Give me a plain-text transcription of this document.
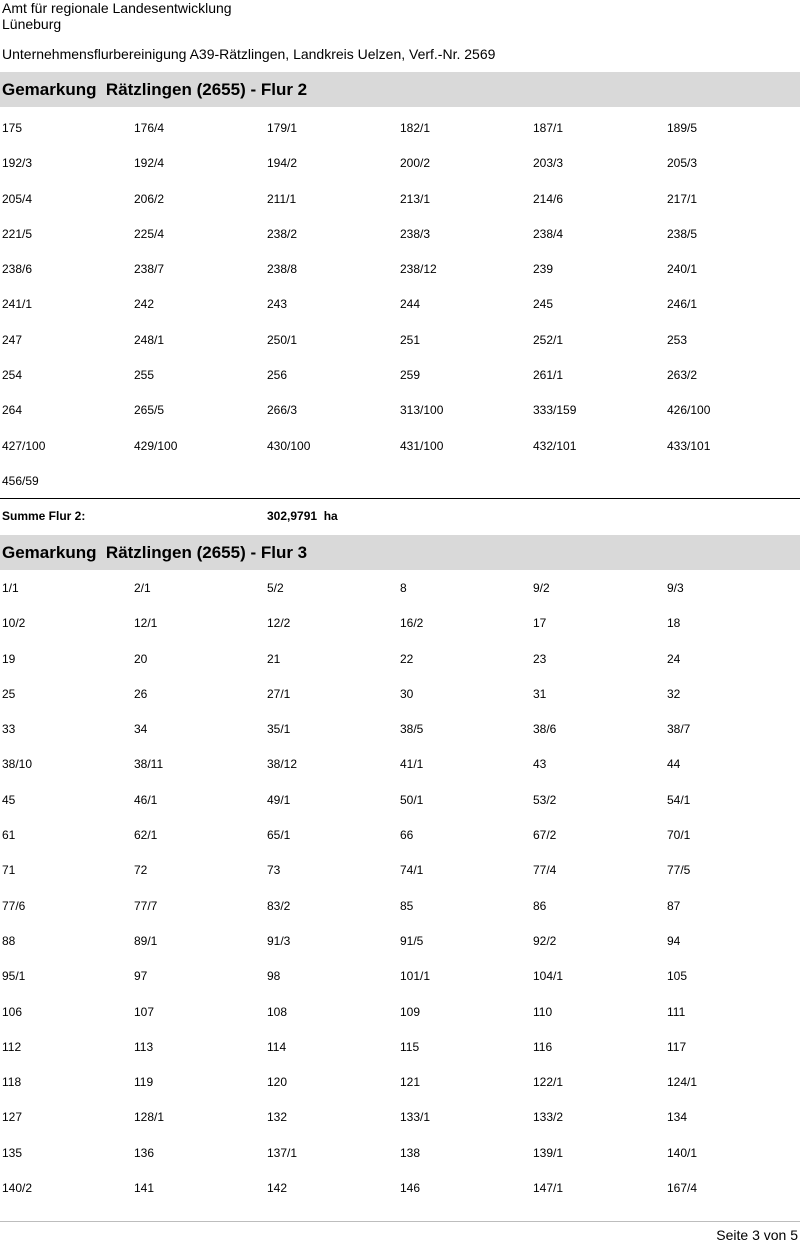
Amt für regionale Landesentwicklung
Lüneburg
Unternehmensflurbereinigung A39-Rätzlingen, Landkreis Uelzen, Verf.-Nr. 2569
Gemarkung  Rätzlingen (2655) - Flur 2
175	176/4	179/1	182/1	187/1	189/5
192/3	192/4	194/2	200/2	203/3	205/3
205/4	206/2	211/1	213/1	214/6	217/1
221/5	225/4	238/2	238/3	238/4	238/5
238/6	238/7	238/8	238/12	239	240/1
241/1	242	243	244	245	246/1
247	248/1	250/1	251	252/1	253
254	255	256	259	261/1	263/2
264	265/5	266/3	313/100	333/159	426/100
427/100	429/100	430/100	431/100	432/101	433/101
456/59
Summe Flur 2:	302,9791  ha
Gemarkung  Rätzlingen (2655) - Flur 3
1/1	2/1	5/2	8	9/2	9/3
10/2	12/1	12/2	16/2	17	18
19	20	21	22	23	24
25	26	27/1	30	31	32
33	34	35/1	38/5	38/6	38/7
38/10	38/11	38/12	41/1	43	44
45	46/1	49/1	50/1	53/2	54/1
61	62/1	65/1	66	67/2	70/1
71	72	73	74/1	77/4	77/5
77/6	77/7	83/2	85	86	87
88	89/1	91/3	91/5	92/2	94
95/1	97	98	101/1	104/1	105
106	107	108	109	110	111
112	113	114	115	116	117
118	119	120	121	122/1	124/1
127	128/1	132	133/1	133/2	134
135	136	137/1	138	139/1	140/1
140/2	141	142	146	147/1	167/4
Seite 3 von 5
